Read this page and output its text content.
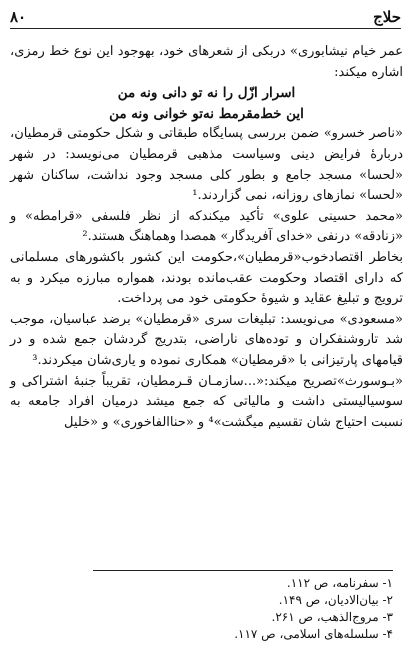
حلاج
٨٠

عمر خیام نیشابوری» دربکی از شعرهای خود، بهوجود این نوع خط رمزی، اشاره میکند:

اسرار ازّل را نه تو دانی ونه من

این خط‌مقرمط نه‌تو خوانی ونه من

«ناصر خسرو» ضمن بررسی پسایگاه طبقاتی و شکل حکومتی قرمطیان، دربارهٔ فرایض دینی وسیاست مذهبی قرمطیان می‌نویسد: در شهر «لحسا» مسجد جامع و بطور کلی مسجد وجود نداشت، ساکنان شهر «لحسا» نمازهای روزانه، نمی گزاردند.¹

«محمد حسینی علوی» تأکید میکندکه از نظر فلسفی «قرامطه» و «زنادقه» درنفی «خدای آفریدگار» همصدا وهماهنگ هستند.²

بخاطر اقتصادخوب«قرمطیان»،حکومت این کشور باکشورهای مسلمانی که دارای اقتصاد وحکومت عقب‌مانده بودند، همواره مبارزه میکرد و به ترویج و تبلیغ عقاید و شیوهٔ حکومتی خود می پرداخت.

«مسعودی» می‌نویسد: تبلیغات سری «قرمطیان» برضد عباسیان، موجب شد تاروشنفکران و توده‌های ناراضی، بتدریج گردشان جمع شده و در قیامهای پارتیزانی با «قرمطیان» همکاری نموده و یاری‌شان میکردند.³

«بـوسورث»تصریح میکند:«...سازمـان قـرمطیان، تقریباً جنبهٔ اشتراکی و سوسیالیستی داشت و مالیاتی که جمع میشد درمیان افراد جامعه به نسبت احتیاج شان تقسیم میگشت»⁴ و «حناالفاخوری» و «خلیل

۱- سفرنامه، ص ۱۱۲.
۲- بیان‌الادیان، ص ۱۴۹.
۳- مروج‌الذهب، ص ۲۶۱.
۴- سلسله‌های اسلامی، ص ۱۱۷.
